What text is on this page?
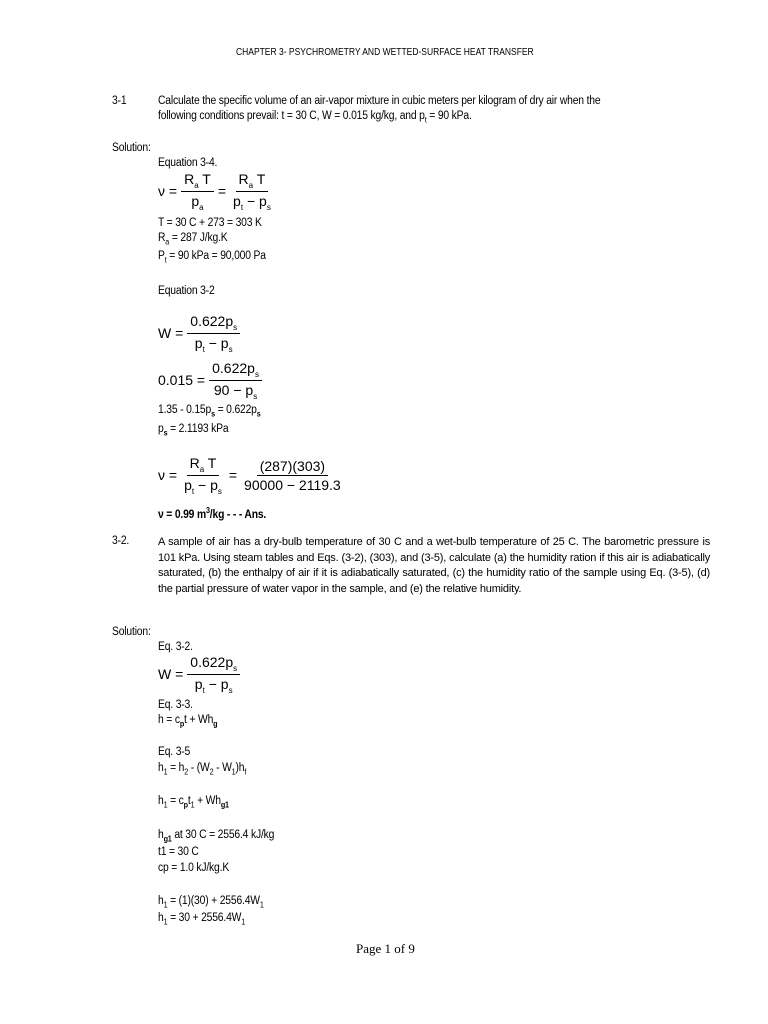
CHAPTER 3- PSYCHROMETRY AND WETTED-SURFACE HEAT TRANSFER
3-1	Calculate the specific volume of an air-vapor mixture in cubic meters per kilogram of dry air when the
following conditions prevail: t = 30 C, W = 0.015 kg/kg, and $p_t = 90$ kPa.
Solution:
Equation 3-4.
$\nu = \frac{R_a T}{p_a} = \frac{R_a T}{p_t - p_s}$
T = 30 C + 273 = 303 K
$R_a = 287$ J/kg.K
$P_t = 90$ kPa = 90,000 Pa
Equation 3-2
$W = \frac{0.622p_s}{p_t - p_s}$
$0.015 = \frac{0.622p_s}{90 - p_s}$
$1.35 - 0.15p_s = 0.622p_s$
$p_s = 2.1193$ kPa
$\nu = \frac{R_a T}{p_t - p_s} = \frac{(287)(303)}{90000 - 2119.3}$
ν = 0.99 $m^3/kg$ - - - Ans.
3-2.	A sample of air has a dry-bulb temperature of 30 C and a wet-bulb temperature of 25 C. The barometric pressure is 101 kPa. Using steam tables and Eqs. (3-2), (303), and (3-5), calculate (a) the humidity ration if this air is adiabatically saturated, (b) the enthalpy of air if it is adiabatically saturated, (c) the humidity ratio of the sample using Eq. (3-5), (d) the partial pressure of water vapor in the sample, and (e) the relative humidity.
Solution:
Eq. 3-2.
$W = \frac{0.622p_s}{p_t - p_s}$
Eq. 3-3.
$h = c_pt + Wh_g$
Eq. 3-5
$h_1 = h_2 - (W_2 - W_1)h_f$
$h_1 = c_pt_1 + Wh_{g1}$
$h_{g1}$ at 30 C = 2556.4 kJ/kg
t1 = 30 C
cp = 1.0 kJ/kg.K
$h_1 = (1)(30) + 2556.4W_1$
$h_1 = 30 + 2556.4W_1$
Page 1 of 9
